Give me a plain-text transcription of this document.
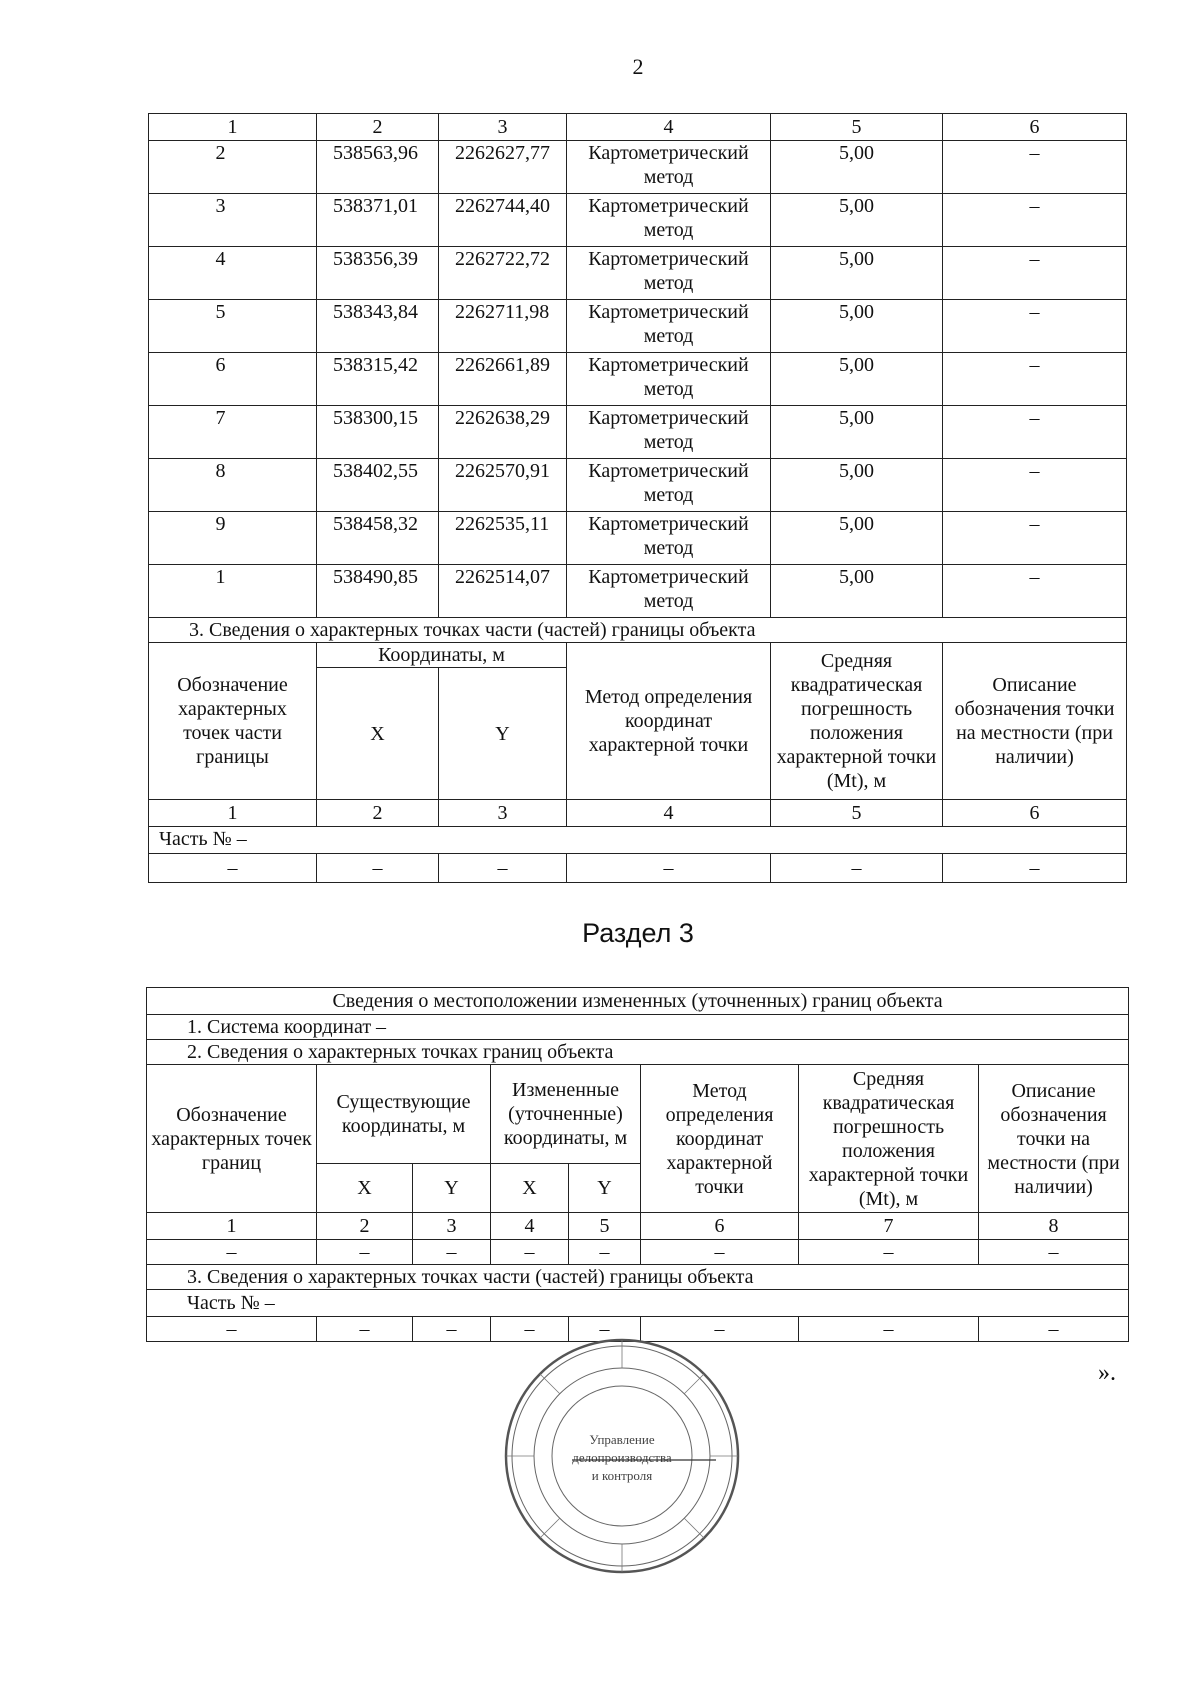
2
1	2	3	4	5	6
2	538563,96	2262627,77	Картометрический метод	5,00	–
3	538371,01	2262744,40	Картометрический метод	5,00	–
4	538356,39	2262722,72	Картометрический метод	5,00	–
5	538343,84	2262711,98	Картометрический метод	5,00	–
6	538315,42	2262661,89	Картометрический метод	5,00	–
7	538300,15	2262638,29	Картометрический метод	5,00	–
8	538402,55	2262570,91	Картометрический метод	5,00	–
9	538458,32	2262535,11	Картометрический метод	5,00	–
1	538490,85	2262514,07	Картометрический метод	5,00	–
3. Сведения о характерных точках части (частей) границы объекта					
Обозначение характерных точек части границы	Координаты, м		Метод определения координат характерной точки	Средняя квадратическая погрешность положения характерной точки (Mt), м	Описание обозначения точки на местности (при наличии)
	X	Y			
1	2	3	4	5	6
Часть № –					
–	–	–	–	–	–
Раздел 3
Сведения о местоположении измененных (уточненных) границ объекта							
1. Система координат –							
2. Сведения о характерных точках границ объекта							
Обозначение характерных точек границ	Существующие координаты, м		Измененные (уточненные) координаты, м		Метод определения координат характерной точки	Средняя квадратическая погрешность положения характерной точки (Mt), м	Описание обозначения точки на местности (при наличии)
	X	Y	X	Y			
1	2	3	4	5	6	7	8
–	–	–	–	–	–	–	–
3. Сведения о характерных точках части (частей) границы объекта							
Часть № –							
–	–	–	–	–	–	–	–
».
Управление
делопроизводства
и контроля
